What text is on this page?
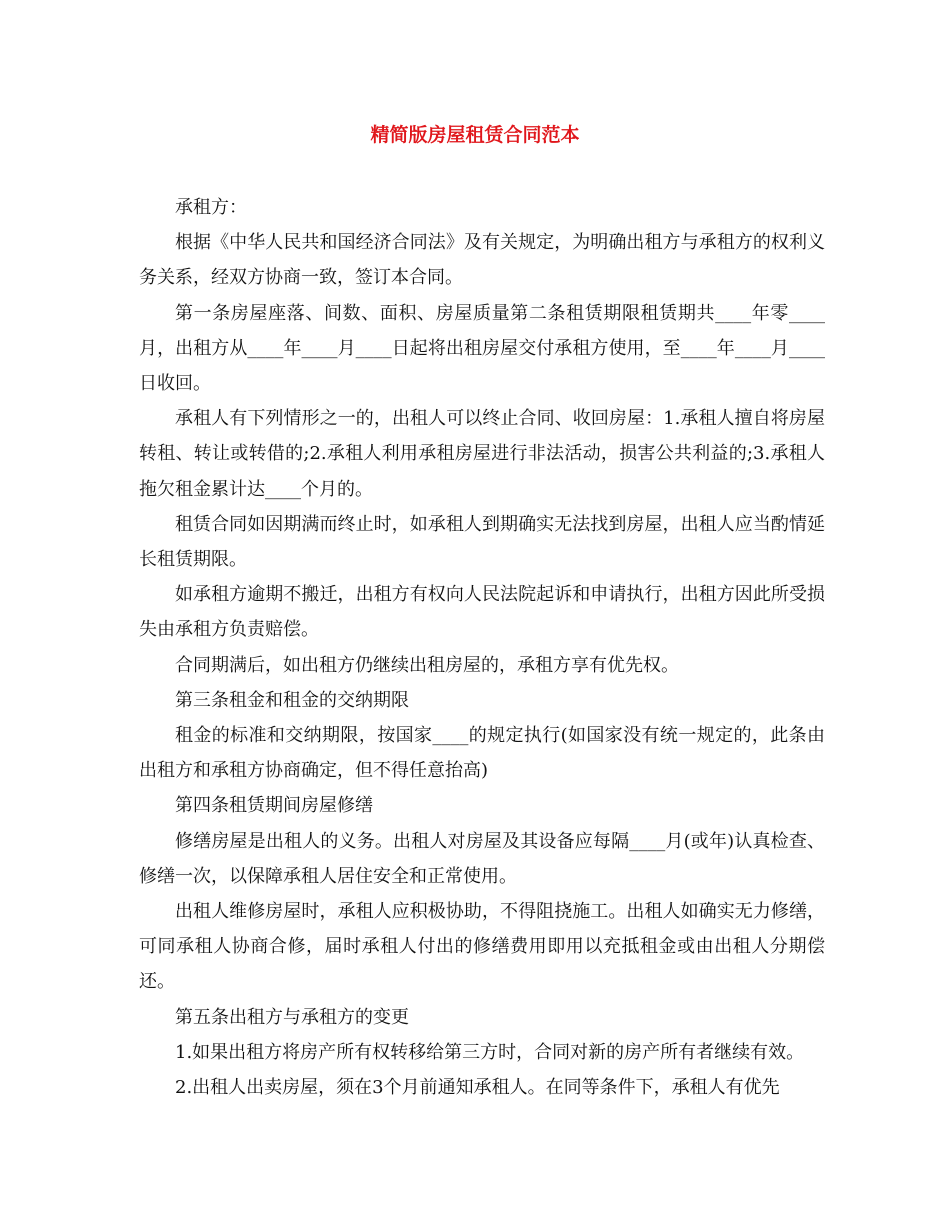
精简版房屋租赁合同范本

承租方：

根据《中华人民共和国经济合同法》及有关规定，为明确出租方与承租方的权利义务关系，经双方协商一致，签订本合同。

第一条房屋座落、间数、面积、房屋质量第二条租赁期限租赁期共____年零____月，出租方从____年____月____日起将出租房屋交付承租方使用，至____年____月____日收回。

承租人有下列情形之一的，出租人可以终止合同、收回房屋：1.承租人擅自将房屋转租、转让或转借的;2.承租人利用承租房屋进行非法活动，损害公共利益的;3.承租人拖欠租金累计达____个月的。

租赁合同如因期满而终止时，如承租人到期确实无法找到房屋，出租人应当酌情延长租赁期限。

如承租方逾期不搬迁，出租方有权向人民法院起诉和申请执行，出租方因此所受损失由承租方负责赔偿。

合同期满后，如出租方仍继续出租房屋的，承租方享有优先权。

第三条租金和租金的交纳期限

租金的标准和交纳期限，按国家____的规定执行(如国家没有统一规定的，此条由出租方和承租方协商确定，但不得任意抬高)

第四条租赁期间房屋修缮

修缮房屋是出租人的义务。出租人对房屋及其设备应每隔____月(或年)认真检查、修缮一次，以保障承租人居住安全和正常使用。

出租人维修房屋时，承租人应积极协助，不得阻挠施工。出租人如确实无力修缮，可同承租人协商合修，届时承租人付出的修缮费用即用以充抵租金或由出租人分期偿还。

第五条出租方与承租方的变更

1.如果出租方将房产所有权转移给第三方时，合同对新的房产所有者继续有效。

2.出租人出卖房屋，须在3个月前通知承租人。在同等条件下，承租人有优先
